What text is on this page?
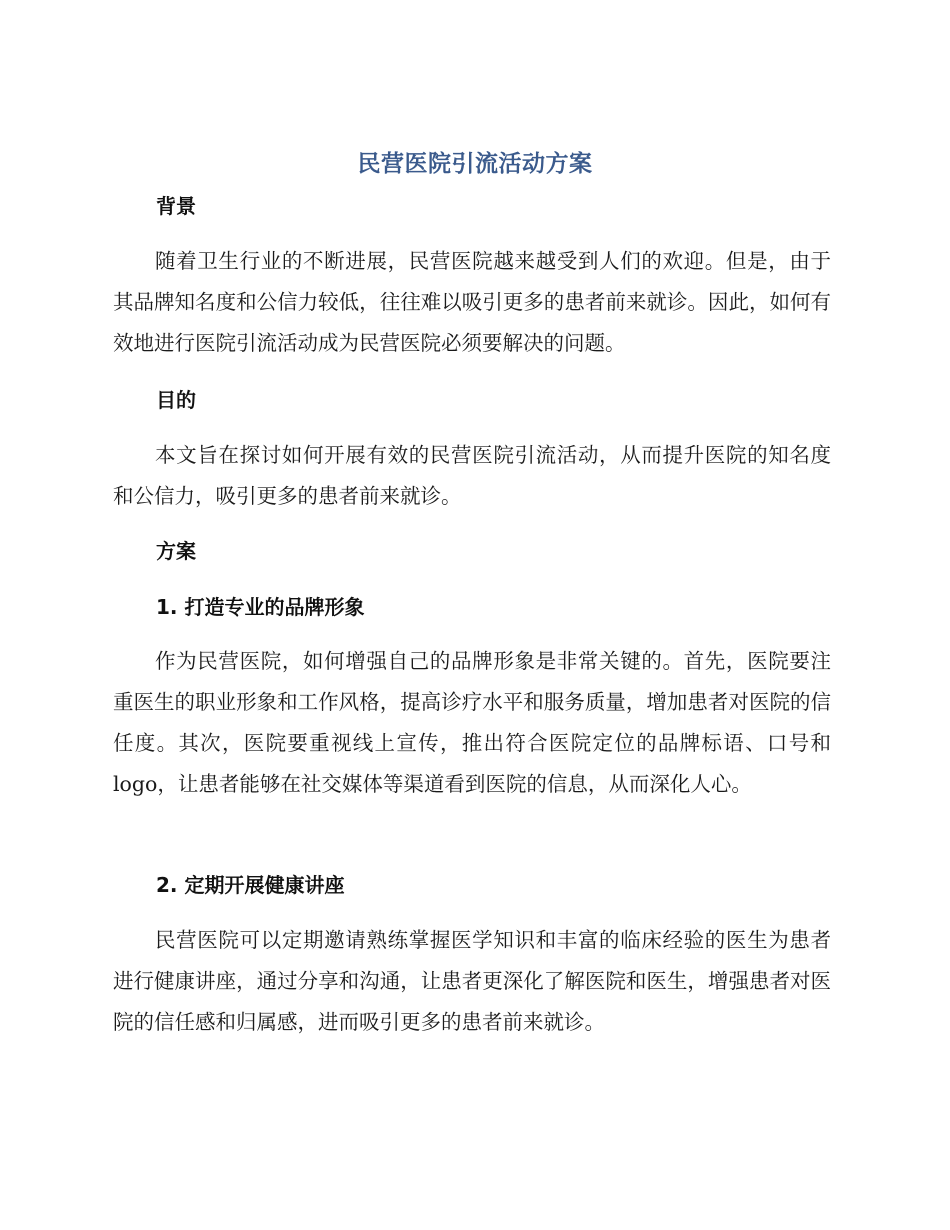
民营医院引流活动方案
背景
随着卫生行业的不断进展，民营医院越来越受到人们的欢迎。但是，由于其品牌知名度和公信力较低，往往难以吸引更多的患者前来就诊。因此，如何有效地进行医院引流活动成为民营医院必须要解决的问题。
目的
本文旨在探讨如何开展有效的民营医院引流活动，从而提升医院的知名度和公信力，吸引更多的患者前来就诊。
方案
1. 打造专业的品牌形象
作为民营医院，如何增强自己的品牌形象是非常关键的。首先，医院要注重医生的职业形象和工作风格，提高诊疗水平和服务质量，增加患者对医院的信任度。其次，医院要重视线上宣传，推出符合医院定位的品牌标语、口号和logo，让患者能够在社交媒体等渠道看到医院的信息，从而深化人心。
2. 定期开展健康讲座
民营医院可以定期邀请熟练掌握医学知识和丰富的临床经验的医生为患者进行健康讲座，通过分享和沟通，让患者更深化了解医院和医生，增强患者对医院的信任感和归属感，进而吸引更多的患者前来就诊。
